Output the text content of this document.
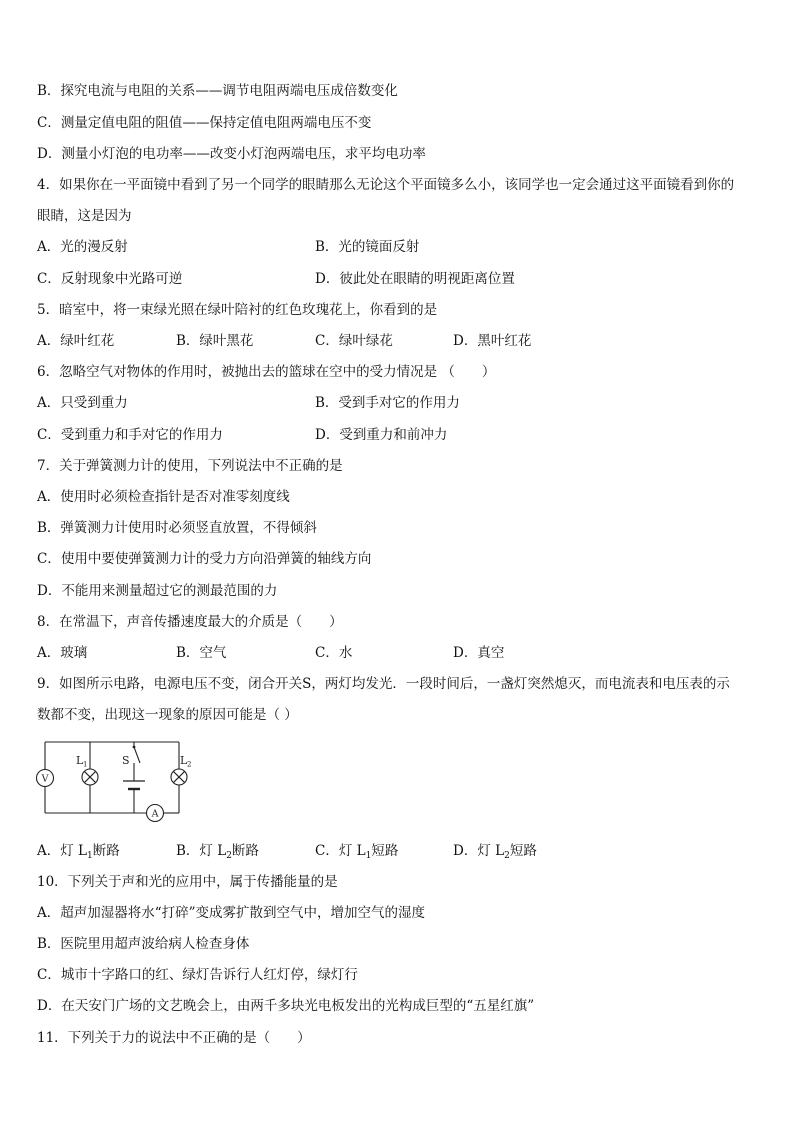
B．探究电流与电阻的关系——调节电阻两端电压成倍数变化
C．测量定值电阻的阻值——保持定值电阻两端电压不变
D．测量小灯泡的电功率——改变小灯泡两端电压，求平均电功率
4．如果你在一平面镜中看到了另一个同学的眼睛那么无论这个平面镜多么小，该同学也一定会通过这平面镜看到你的
眼睛，这是因为
A．光的漫反射	B．光的镜面反射
C．反射现象中光路可逆	D．彼此处在眼睛的明视距离位置
5．暗室中，将一束绿光照在绿叶陪衬的红色玫瑰花上，你看到的是
A．绿叶红花	B．绿叶黑花	C．绿叶绿花	D．黑叶红花
6．忽略空气对物体的作用时，被抛出去的篮球在空中的受力情况是 （　　）
A．只受到重力	B．受到手对它的作用力
C．受到重力和手对它的作用力	D．受到重力和前冲力
7．关于弹簧测力计的使用，下列说法中不正确的是
A．使用时必须检查指针是否对准零刻度线
B．弹簧测力计使用时必须竖直放置，不得倾斜
C．使用中要使弹簧测力计的受力方向沿弹簧的轴线方向
D．不能用来测量超过它的测最范围的力
8．在常温下，声音传播速度最大的介质是（　　）
A．玻璃	B．空气	C．水	D．真空
9．如图所示电路，电源电压不变，闭合开关S，两灯均发光．一段时间后，一盏灯突然熄灭，而电流表和电压表的示
数都不变，出现这一现象的原因可能是（ ）
V
A
L 1	S	L 2
A．灯 $L_1$断路	B．灯 $L_2$断路	C．灯 $L_1$短路	D．灯 $L_2$短路
10．下列关于声和光的应用中，属于传播能量的是
A．超声加湿器将水“打碎”变成雾扩散到空气中，增加空气的湿度
B．医院里用超声波给病人检查身体
C．城市十字路口的红、绿灯告诉行人红灯停，绿灯行
D．在天安门广场的文艺晚会上，由两千多块光电板发出的光构成巨型的“五星红旗”
11．下列关于力的说法中不正确的是（　　）
